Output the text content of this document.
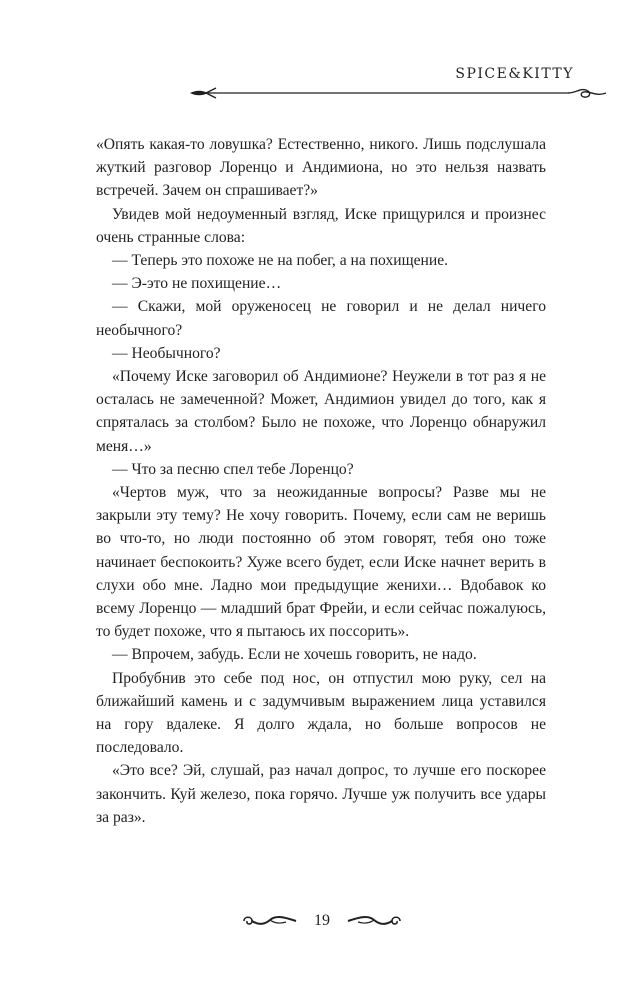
SPICE&KITTY

«Опять какая-то ловушка? Естественно, никого. Лишь подслушала жуткий разговор Лоренцо и Андимиона, но это нельзя назвать встречей. Зачем он спрашивает?»

Увидев мой недоуменный взгляд, Иске прищурился и произнес очень странные слова:

— Теперь это похоже не на побег, а на похищение.

— Э-это не похищение…

— Скажи, мой оруженосец не говорил и не делал ничего необычного?

— Необычного?

«Почему Иске заговорил об Андимионе? Неужели в тот раз я не осталась не замеченной? Может, Андимион увидел до того, как я спряталась за столбом? Было не похоже, что Лоренцо обнаружил меня…»

— Что за песню спел тебе Лоренцо?

«Чертов муж, что за неожиданные вопросы? Разве мы не закрыли эту тему? Не хочу говорить. Почему, если сам не веришь во что-то, но люди постоянно об этом говорят, тебя оно тоже начинает беспокоить? Хуже всего будет, если Иске начнет верить в слухи обо мне. Ладно мои предыдущие женихи… Вдобавок ко всему Лоренцо — младший брат Фрейи, и если сейчас пожалуюсь, то будет похоже, что я пытаюсь их поссорить».

— Впрочем, забудь. Если не хочешь говорить, не надо.

Пробубнив это себе под нос, он отпустил мою руку, сел на ближайший камень и с задумчивым выражением лица уставился на гору вдалеке. Я долго ждала, но больше вопросов не последовало.

«Это все? Эй, слушай, раз начал допрос, то лучше его поскорее закончить. Куй железо, пока горячо. Лучше уж получить все удары за раз».

19
